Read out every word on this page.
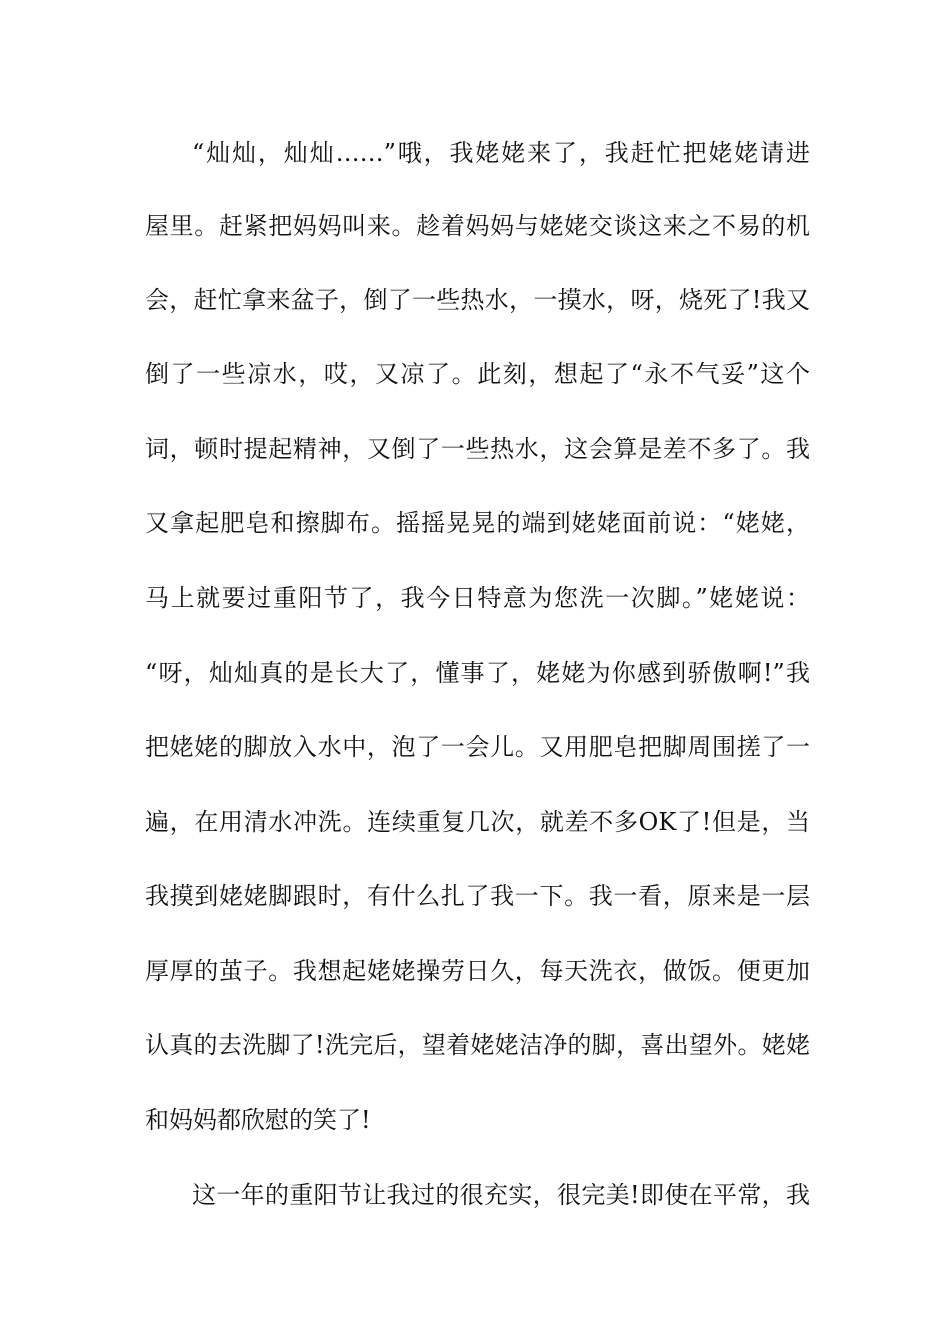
“灿灿，灿灿……”哦，我姥姥来了，我赶忙把姥姥请进
屋里。赶紧把妈妈叫来。趁着妈妈与姥姥交谈这来之不易的机
会，赶忙拿来盆子，倒了一些热水，一摸水，呀，烧死了!我又
倒了一些凉水，哎，又凉了。此刻，想起了“永不气妥”这个
词，顿时提起精神，又倒了一些热水，这会算是差不多了。我
又拿起肥皂和擦脚布。摇摇晃晃的端到姥姥面前说：“姥姥，
马上就要过重阳节了，我今日特意为您洗一次脚。”姥姥说：
“呀，灿灿真的是长大了，懂事了，姥姥为你感到骄傲啊!”我
把姥姥的脚放入水中，泡了一会儿。又用肥皂把脚周围搓了一
遍，在用清水冲洗。连续重复几次，就差不多OK了!但是，当
我摸到姥姥脚跟时，有什么扎了我一下。我一看，原来是一层
厚厚的茧子。我想起姥姥操劳日久，每天洗衣，做饭。便更加
认真的去洗脚了!洗完后，望着姥姥洁净的脚，喜出望外。姥姥
和妈妈都欣慰的笑了!
这一年的重阳节让我过的很充实，很完美!即使在平常，我
